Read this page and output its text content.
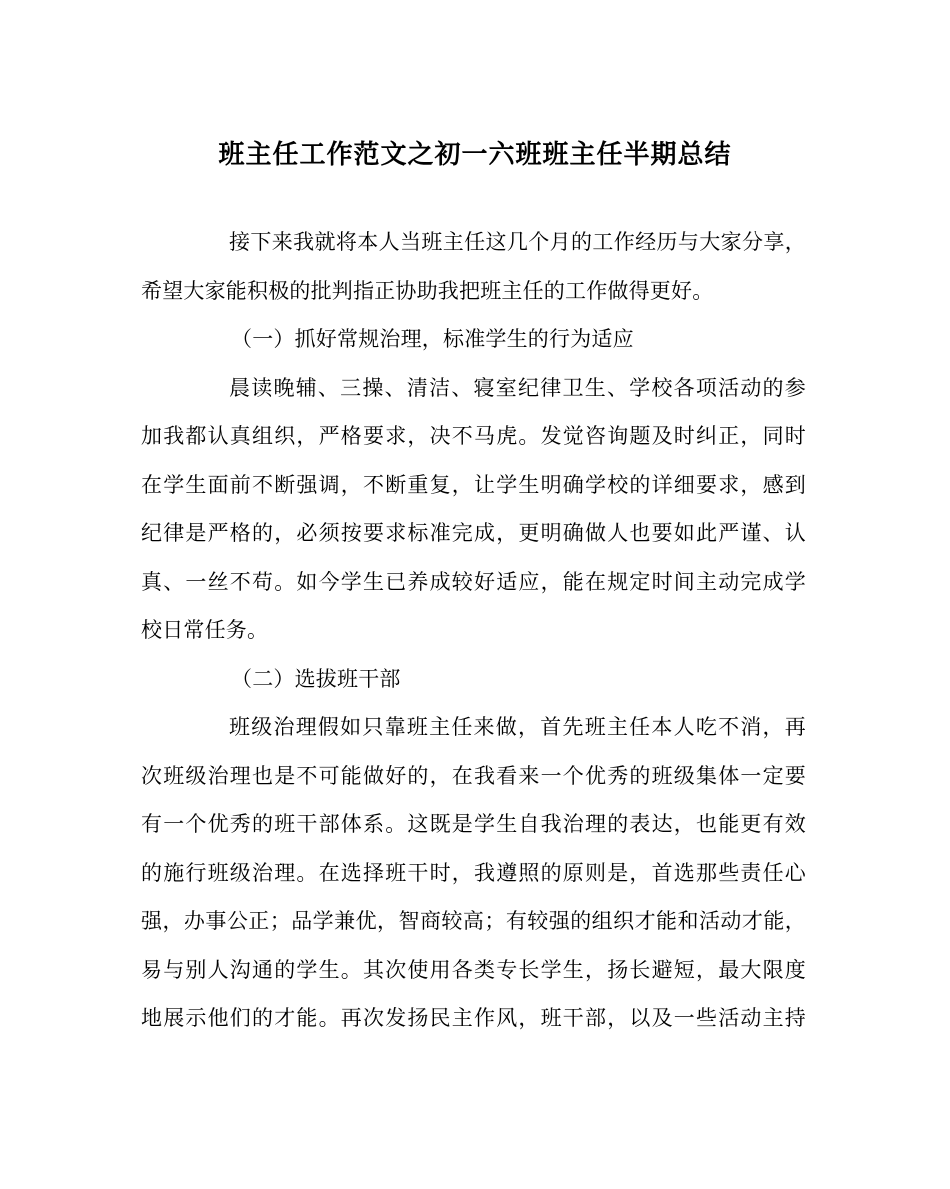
班主任工作范文之初一六班班主任半期总结
接下来我就将本人当班主任这几个月的工作经历与大家分享，
希望大家能积极的批判指正协助我把班主任的工作做得更好。
（一）抓好常规治理，标准学生的行为适应
晨读晚辅、三操、清洁、寝室纪律卫生、学校各项活动的参
加我都认真组织，严格要求，决不马虎。发觉咨询题及时纠正，同时
在学生面前不断强调，不断重复，让学生明确学校的详细要求，感到
纪律是严格的，必须按要求标准完成，更明确做人也要如此严谨、认
真、一丝不苟。如今学生已养成较好适应，能在规定时间主动完成学
校日常任务。
（二）选拔班干部
班级治理假如只靠班主任来做，首先班主任本人吃不消，再
次班级治理也是不可能做好的，在我看来一个优秀的班级集体一定要
有一个优秀的班干部体系。这既是学生自我治理的表达，也能更有效
的施行班级治理。在选择班干时，我遵照的原则是，首选那些责任心
强，办事公正；品学兼优，智商较高；有较强的组织才能和活动才能，
易与别人沟通的学生。其次使用各类专长学生，扬长避短，最大限度
地展示他们的才能。再次发扬民主作风，班干部，以及一些活动主持
